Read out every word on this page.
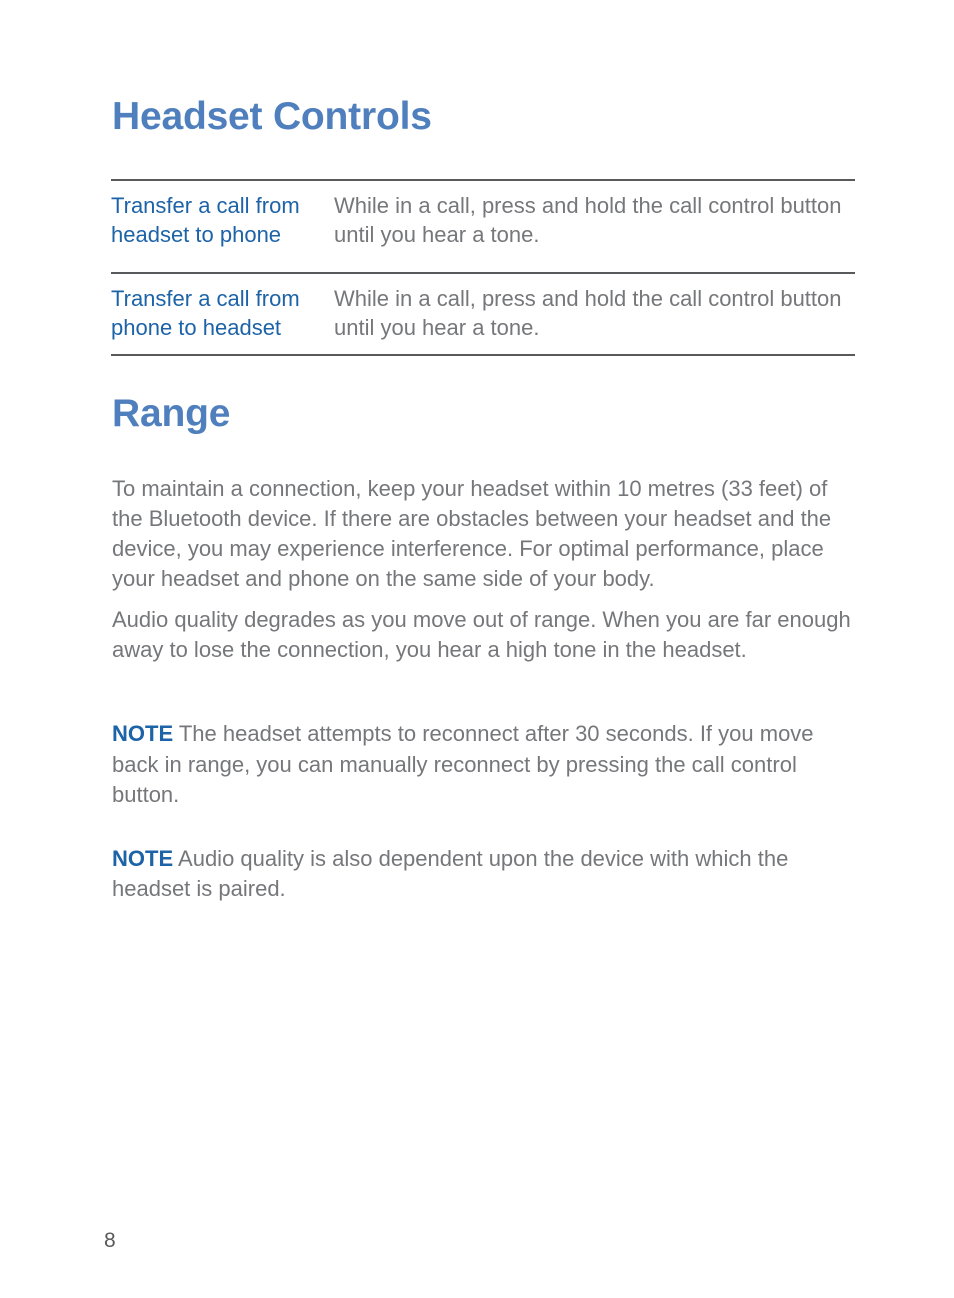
Headset Controls
Transfer a call from headset to phone
While in a call, press and hold the call control button until you hear a tone.
Transfer a call from phone to headset
While in a call, press and hold the call control button until you hear a tone.
Range

To maintain a connection, keep your headset within 10 metres (33 feet) of the Bluetooth device. If there are obstacles between your headset and the device, you may experience interference. For optimal performance, place your headset and phone on the same side of your body.

Audio quality degrades as you move out of range. When you are far enough away to lose the connection, you hear a high tone in the headset.

NOTE The headset attempts to reconnect after 30 seconds. If you move back in range, you can manually reconnect by pressing the call control button.

NOTE Audio quality is also dependent upon the device with which the headset is paired.

8
